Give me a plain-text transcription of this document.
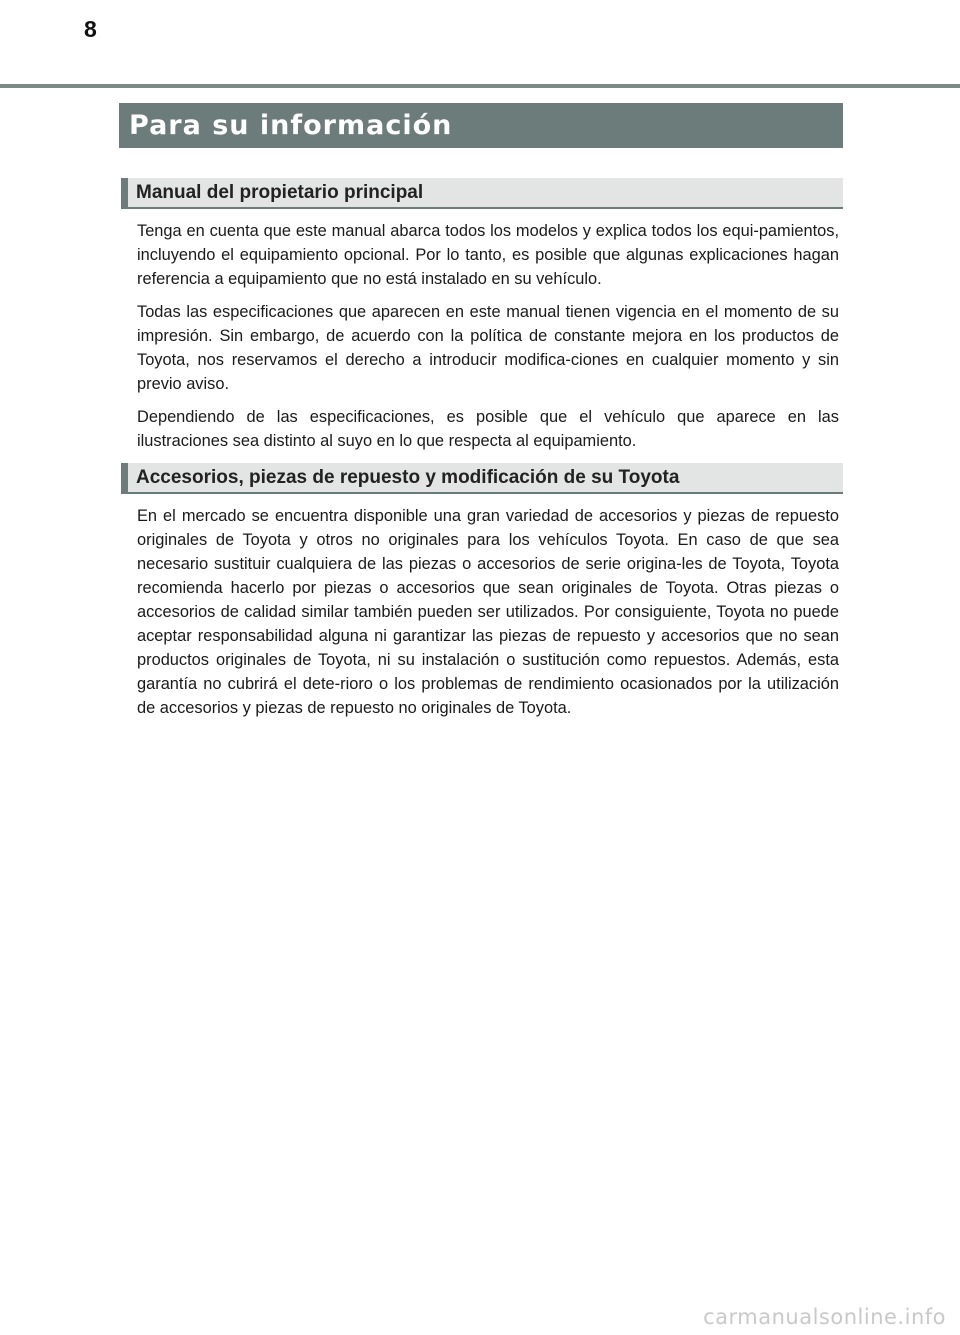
8
Para su información
Manual del propietario principal

Tenga en cuenta que este manual abarca todos los modelos y explica todos los equi-pamientos, incluyendo el equipamiento opcional. Por lo tanto, es posible que algunas explicaciones hagan referencia a equipamiento que no está instalado en su vehículo.

Todas las especificaciones que aparecen en este manual tienen vigencia en el momento de su impresión. Sin embargo, de acuerdo con la política de constante mejora en los productos de Toyota, nos reservamos el derecho a introducir modifica-ciones en cualquier momento y sin previo aviso.

Dependiendo de las especificaciones, es posible que el vehículo que aparece en las ilustraciones sea distinto al suyo en lo que respecta al equipamiento.

Accesorios, piezas de repuesto y modificación de su Toyota

En el mercado se encuentra disponible una gran variedad de accesorios y piezas de repuesto originales de Toyota y otros no originales para los vehículos Toyota. En caso de que sea necesario sustituir cualquiera de las piezas o accesorios de serie origina-les de Toyota, Toyota recomienda hacerlo por piezas o accesorios que sean originales de Toyota. Otras piezas o accesorios de calidad similar también pueden ser utilizados. Por consiguiente, Toyota no puede aceptar responsabilidad alguna ni garantizar las piezas de repuesto y accesorios que no sean productos originales de Toyota, ni su instalación o sustitución como repuestos. Además, esta garantía no cubrirá el dete-rioro o los problemas de rendimiento ocasionados por la utilización de accesorios y piezas de repuesto no originales de Toyota.

carmanualsonline.info
